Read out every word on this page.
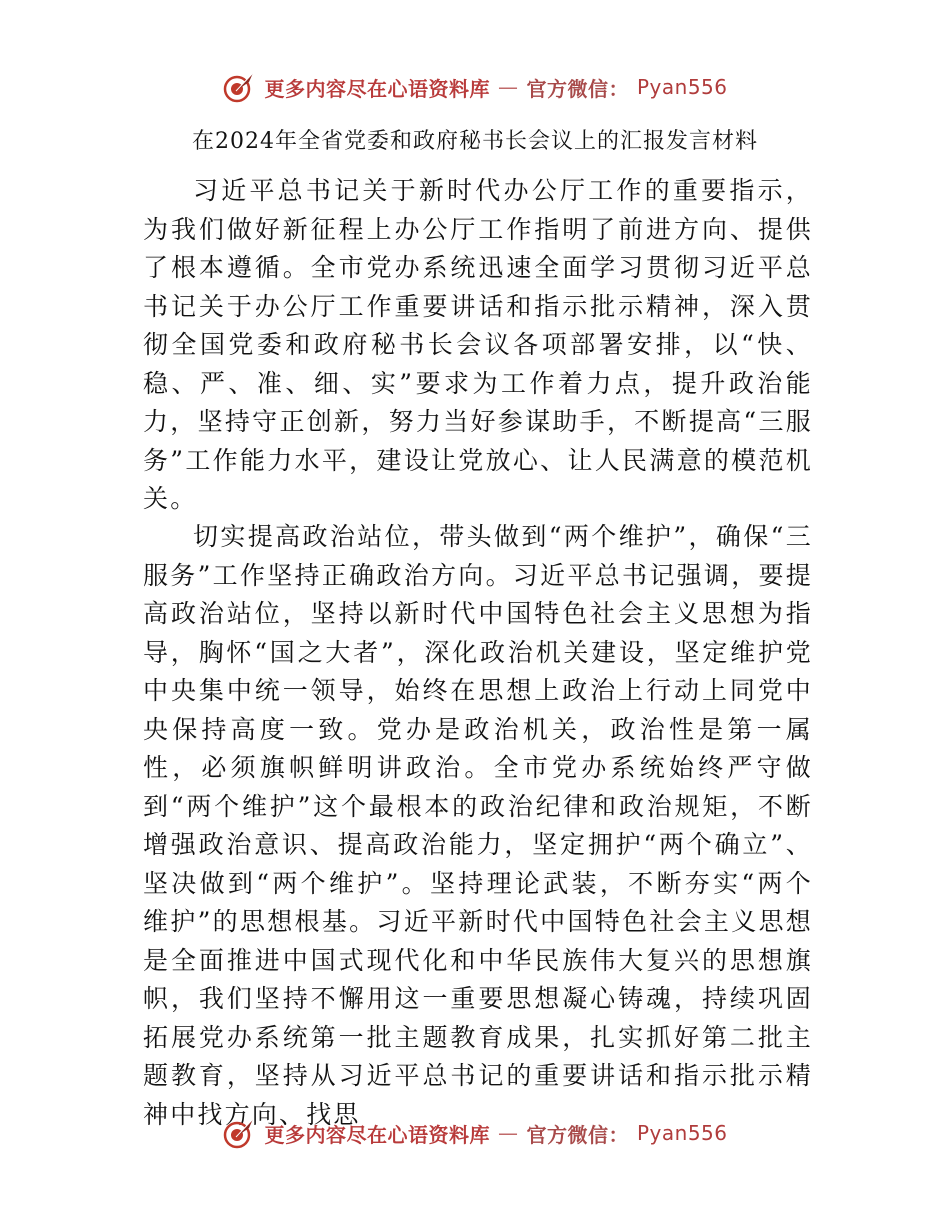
更多内容尽在心语资料库 — 官方微信： Pyan556
在2024年全省党委和政府秘书长会议上的汇报发言材料

习近平总书记关于新时代办公厅工作的重要指示，为我们做好新征程上办公厅工作指明了前进方向、提供了根本遵循。全市党办系统迅速全面学习贯彻习近平总书记关于办公厅工作重要讲话和指示批示精神，深入贯彻全国党委和政府秘书长会议各项部署安排，以“快、稳、严、准、细、实”要求为工作着力点，提升政治能力，坚持守正创新，努力当好参谋助手，不断提高“三服务”工作能力水平，建设让党放心、让人民满意的模范机关。

切实提高政治站位，带头做到“两个维护”，确保“三服务”工作坚持正确政治方向。习近平总书记强调，要提高政治站位，坚持以新时代中国特色社会主义思想为指导，胸怀“国之大者”，深化政治机关建设，坚定维护党中央集中统一领导，始终在思想上政治上行动上同党中央保持高度一致。党办是政治机关，政治性是第一属性，必须旗帜鲜明讲政治。全市党办系统始终严守做到“两个维护”这个最根本的政治纪律和政治规矩，不断增强政治意识、提高政治能力，坚定拥护“两个确立”、坚决做到“两个维护”。坚持理论武装，不断夯实“两个维护”的思想根基。习近平新时代中国特色社会主义思想是全面推进中国式现代化和中华民族伟大复兴的思想旗帜，我们坚持不懈用这一重要思想凝心铸魂，持续巩固拓展党办系统第一批主题教育成果，扎实抓好第二批主题教育，坚持从习近平总书记的重要讲话和指示批示精神中找方向、找思

更多内容尽在心语资料库 — 官方微信： Pyan556
